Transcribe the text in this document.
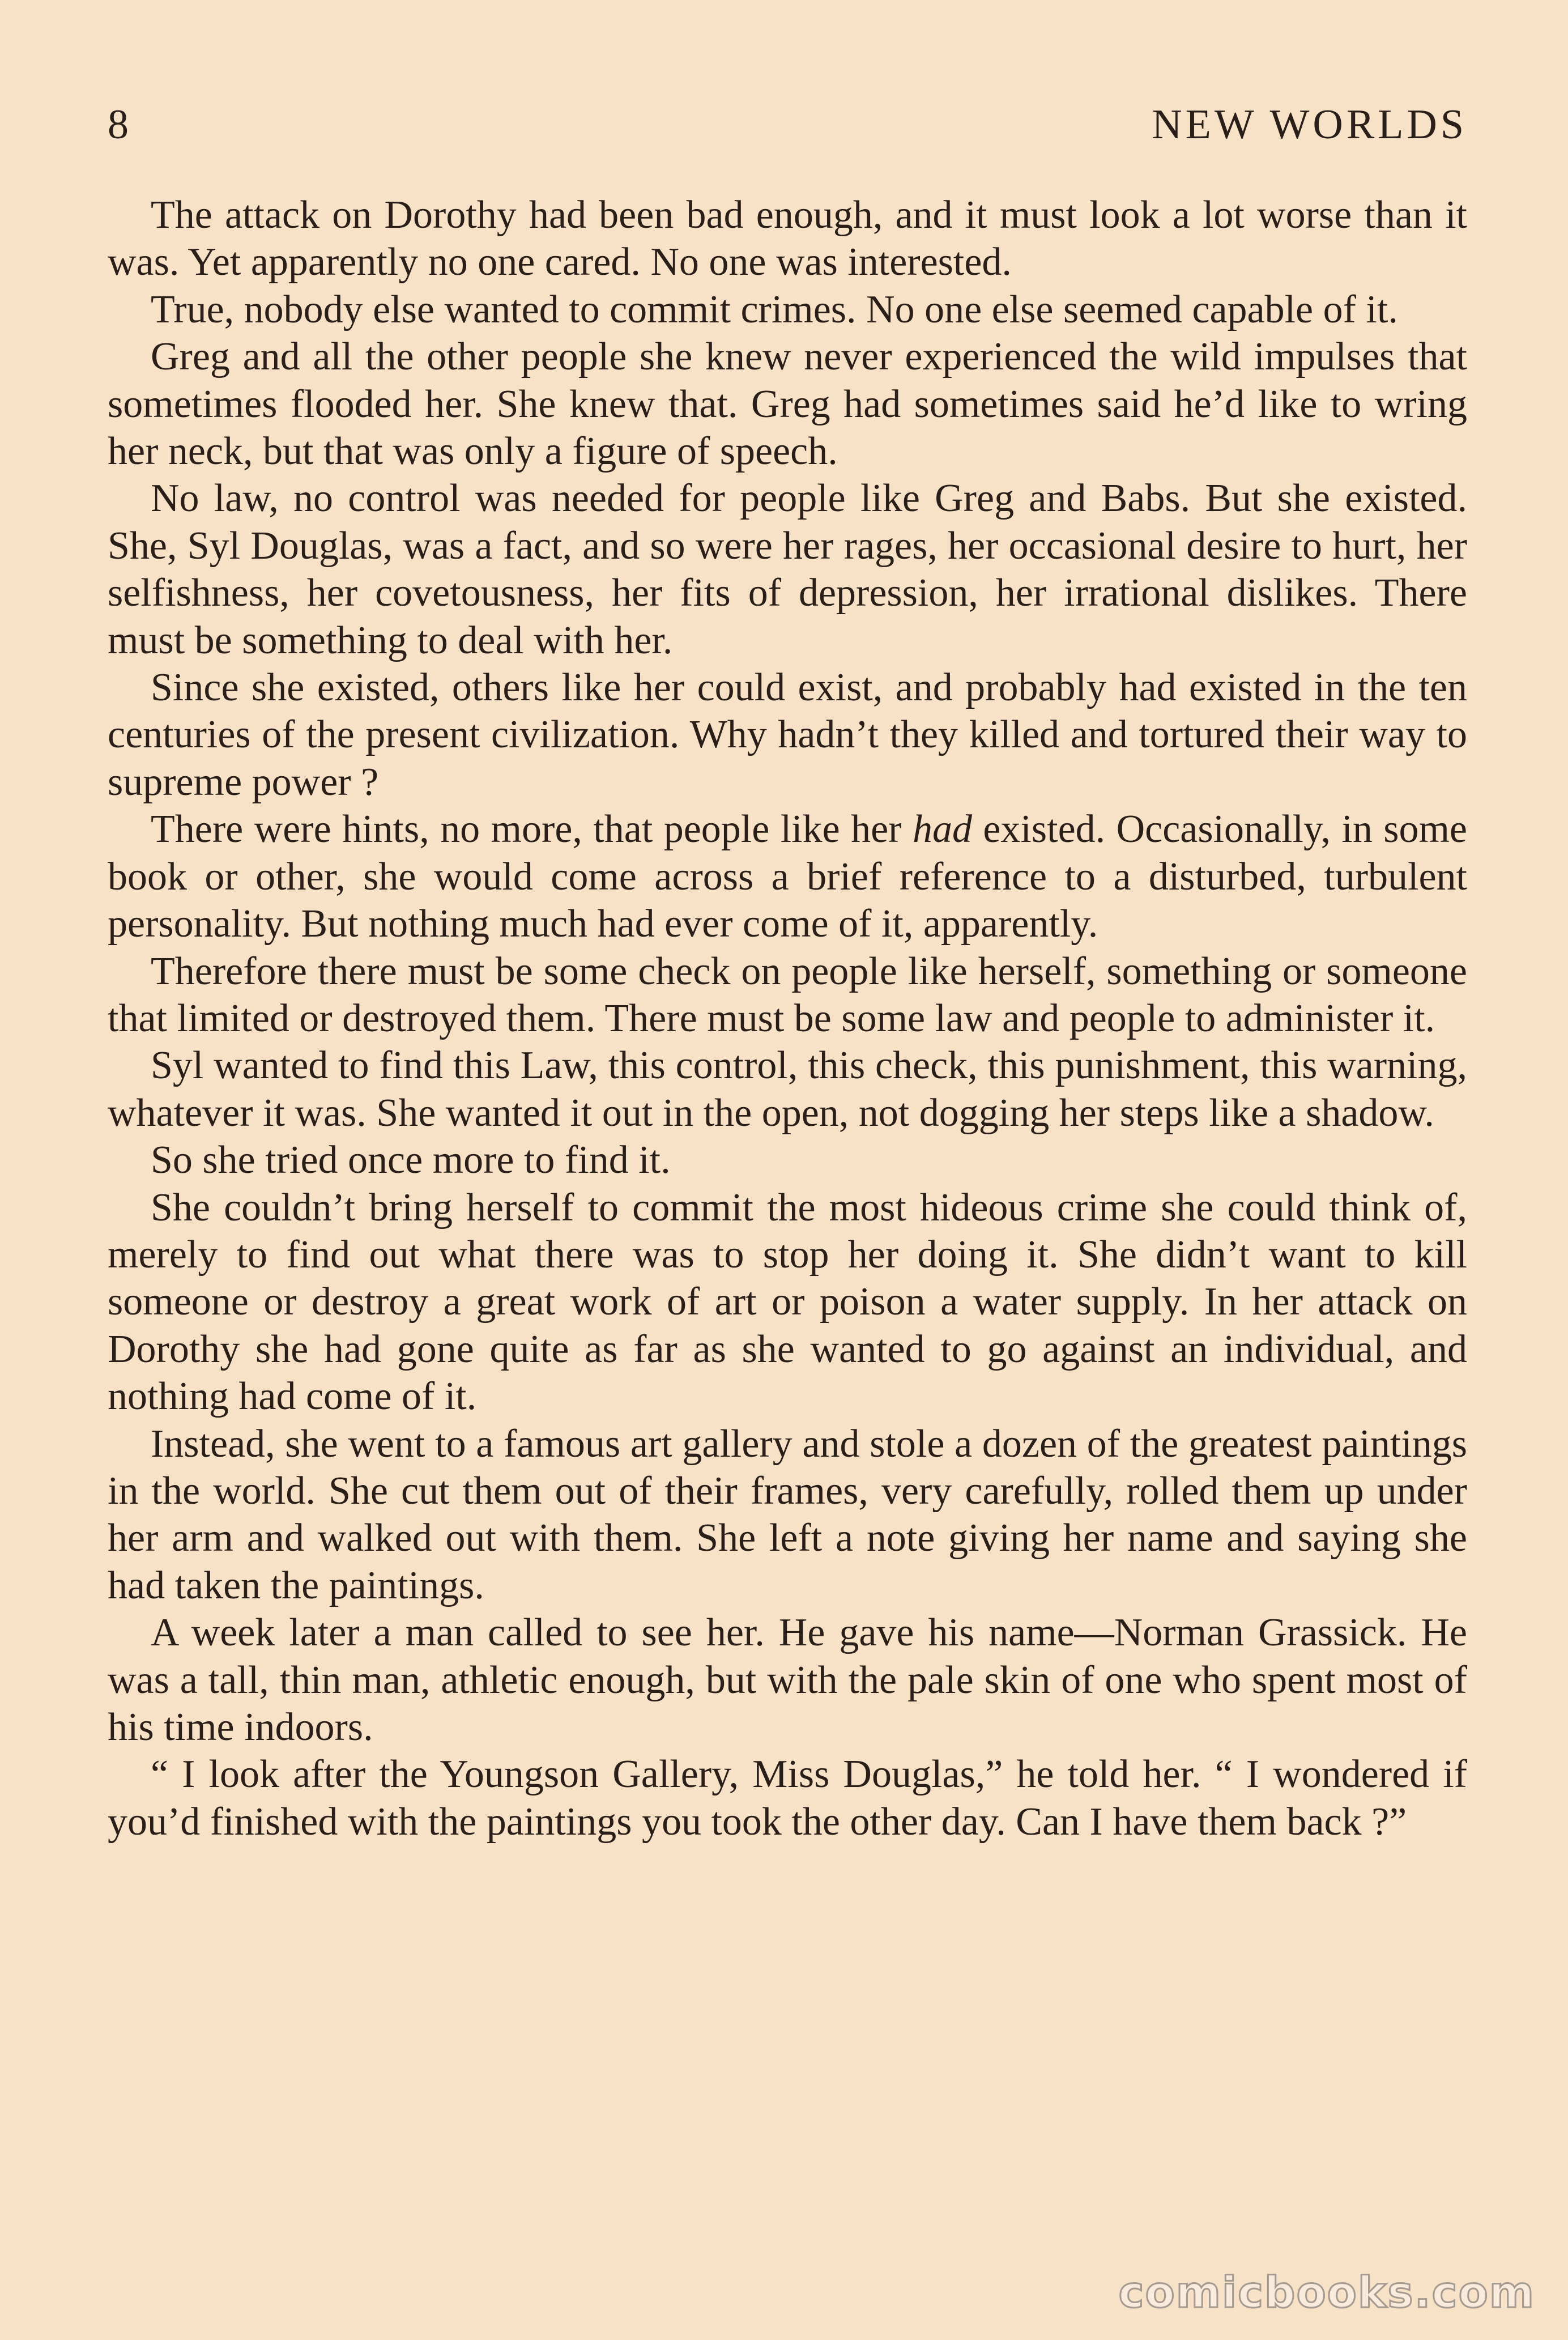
8	NEW WORLDS

The attack on Dorothy had been bad enough, and it must look a lot worse than it was. Yet apparently no one cared. No one was interested.

True, nobody else wanted to commit crimes. No one else seemed capable of it.

Greg and all the other people she knew never experienced the wild impulses that sometimes flooded her. She knew that. Greg had sometimes said he’d like to wring her neck, but that was only a figure of speech.

No law, no control was needed for people like Greg and Babs. But she existed. She, Syl Douglas, was a fact, and so were her rages, her occasional desire to hurt, her selfishness, her covetousness, her fits of depression, her irrational dislikes. There must be something to deal with her.

Since she existed, others like her could exist, and probably had existed in the ten centuries of the present civilization. Why hadn’t they killed and tortured their way to supreme power ?

There were hints, no more, that people like her had existed. Occasionally, in some book or other, she would come across a brief reference to a disturbed, turbulent personality. But nothing much had ever come of it, apparently.

Therefore there must be some check on people like herself, something or someone that limited or destroyed them. There must be some law and people to administer it.

Syl wanted to find this Law, this control, this check, this punishment, this warning, whatever it was. She wanted it out in the open, not dogging her steps like a shadow.

So she tried once more to find it.

She couldn’t bring herself to commit the most hideous crime she could think of, merely to find out what there was to stop her doing it. She didn’t want to kill someone or destroy a great work of art or poison a water supply. In her attack on Dorothy she had gone quite as far as she wanted to go against an individual, and nothing had come of it.

Instead, she went to a famous art gallery and stole a dozen of the greatest paintings in the world. She cut them out of their frames, very carefully, rolled them up under her arm and walked out with them. She left a note giving her name and saying she had taken the paintings.

A week later a man called to see her. He gave his name—Norman Grassick. He was a tall, thin man, athletic enough, but with the pale skin of one who spent most of his time indoors.

“ I look after the Youngson Gallery, Miss Douglas,” he told her. “ I wondered if you’d finished with the paintings you took the other day. Can I have them back ?”

comicbooks.com
